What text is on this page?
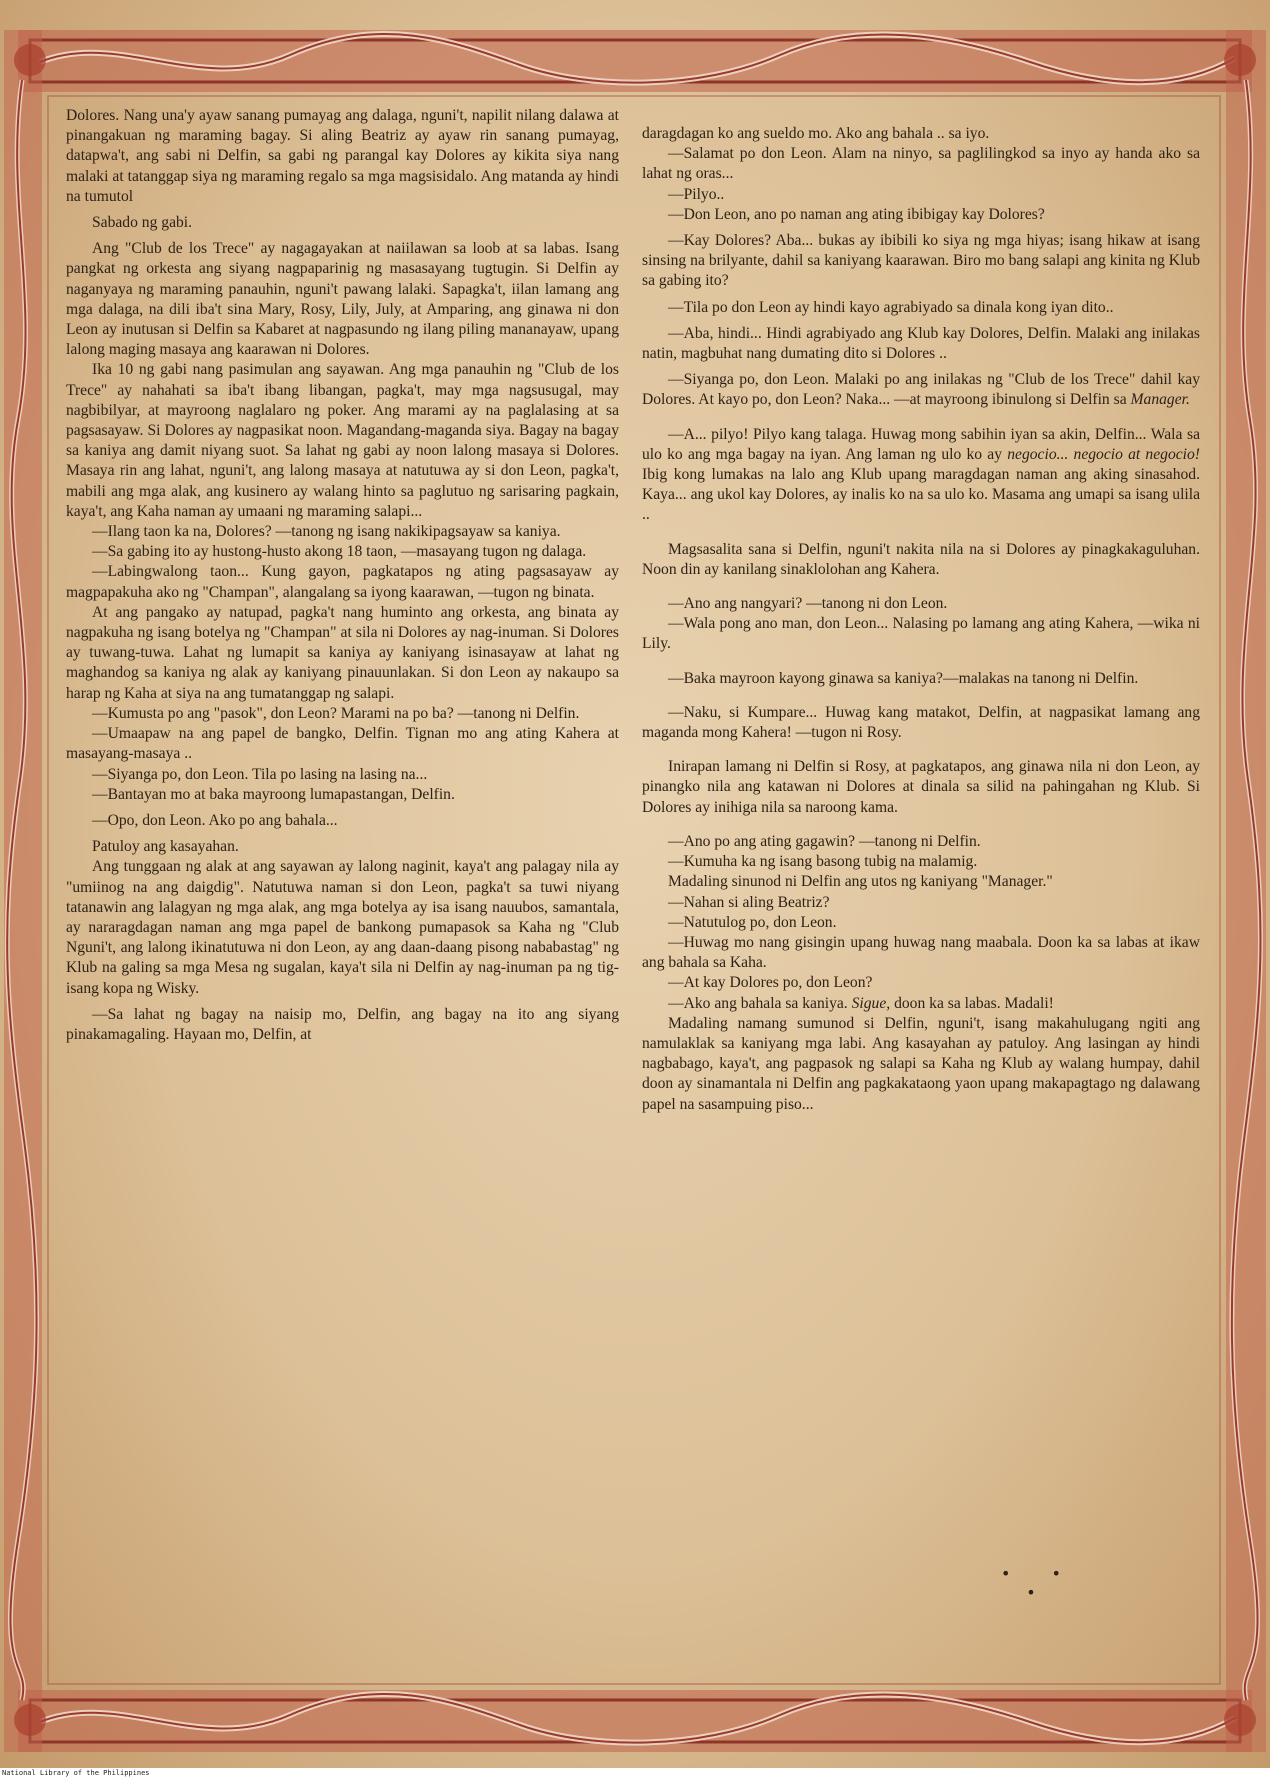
Dolores. Nang una'y ayaw sanang pumayag ang dalaga, nguni't, napilit nilang dalawa at pinangakuan ng maraming bagay. Si aling Beatriz ay ayaw rin sanang pumayag, datapwa't, ang sabi ni Delfin, sa gabi ng parangal kay Dolores ay kikita siya nang malaki at tatanggap siya ng maraming regalo sa mga magsisidalo. Ang matanda ay hindi na tumutol

Sabado ng gabi.

Ang "Club de los Trece" ay nagagayakan at naiilawan sa loob at sa labas. Isang pangkat ng orkesta ang siyang nagpaparinig ng masasayang tugtugin. Si Delfin ay naganyaya ng maraming panauhin, nguni't pawang lalaki. Sapagka't, iilan lamang ang mga dalaga, na dili iba't sina Mary, Rosy, Lily, July, at Amparing, ang ginawa ni don Leon ay inutusan si Delfin sa Kabaret at nagpasundo ng ilang piling mananayaw, upang lalong maging masaya ang kaarawan ni Dolores.

Ika 10 ng gabi nang pasimulan ang sayawan. Ang mga panauhin ng "Club de los Trece" ay nahahati sa iba't ibang libangan, pagka't, may mga nagsusugal, may nagbibilyar, at mayroong naglalaro ng poker. Ang marami ay na paglalasing at sa pagsasayaw. Si Dolores ay nagpasikat noon. Magandang-maganda siya. Bagay na bagay sa kaniya ang damit niyang suot. Sa lahat ng gabi ay noon lalong masaya si Dolores. Masaya rin ang lahat, nguni't, ang lalong masaya at natutuwa ay si don Leon, pagka't, mabili ang mga alak, ang kusinero ay walang hinto sa paglutuo ng sarisaring pagkain, kaya't, ang Kaha naman ay umaani ng maraming salapi...

—Ilang taon ka na, Dolores? —tanong ng isang nakikipagsayaw sa kaniya.

—Sa gabing ito ay hustong-husto akong 18 taon, —masayang tugon ng dalaga.

—Labingwalong taon... Kung gayon, pagkatapos ng ating pagsasayaw ay magpapakuha ako ng "Champan", alangalang sa iyong kaarawan, —tugon ng binata.

At ang pangako ay natupad, pagka't nang huminto ang orkesta, ang binata ay nagpakuha ng isang botelya ng "Champan" at sila ni Dolores ay nag-inuman. Si Dolores ay tuwang-tuwa. Lahat ng lumapit sa kaniya ay kaniyang isinasayaw at lahat ng maghandog sa kaniya ng alak ay kaniyang pinauunlakan. Si don Leon ay nakaupo sa harap ng Kaha at siya na ang tumatanggap ng salapi.

—Kumusta po ang "pasok", don Leon? Marami na po ba? —tanong ni Delfin.

—Umaapaw na ang papel de bangko, Delfin. Tignan mo ang ating Kahera at masayang-masaya ..

—Siyanga po, don Leon. Tila po lasing na lasing na...

—Bantayan mo at baka mayroong lumapastangan, Delfin.

—Opo, don Leon. Ako po ang bahala...

Patuloy ang kasayahan.

Ang tunggaan ng alak at ang sayawan ay lalong naginit, kaya't ang palagay nila ay "umiinog na ang daigdig". Natutuwa naman si don Leon, pagka't sa tuwi niyang tatanawin ang lalagyan ng mga alak, ang mga botelya ay isa isang nauubos, samantala, ay nararagdagan naman ang mga papel de bankong pumapasok sa Kaha ng "Club Nguni't, ang lalong ikinatutuwa ni don Leon, ay ang daan-daang pisong nababastag" ng Klub na galing sa mga Mesa ng sugalan, kaya't sila ni Delfin ay nag-inuman pa ng tig-isang kopa ng Wisky.

—Sa lahat ng bagay na naisip mo, Delfin, ang bagay na ito ang siyang pinakamagaling. Hayaan mo, Delfin, at

daragdagan ko ang sueldo mo. Ako ang bahala .. sa iyo.

—Salamat po don Leon. Alam na ninyo, sa paglilingkod sa inyo ay handa ako sa lahat ng oras...

—Pilyo..

—Don Leon, ano po naman ang ating ibibigay kay Dolores?

—Kay Dolores? Aba... bukas ay ibibili ko siya ng mga hiyas; isang hikaw at isang sinsing na brilyante, dahil sa kaniyang kaarawan. Biro mo bang salapi ang kinita ng Klub sa gabing ito?

—Tila po don Leon ay hindi kayo agrabiyado sa dinala kong iyan dito..

—Aba, hindi... Hindi agrabiyado ang Klub kay Dolores, Delfin. Malaki ang inilakas natin, magbuhat nang dumating dito si Dolores ..

—Siyanga po, don Leon. Malaki po ang inilakas ng "Club de los Trece" dahil kay Dolores. At kayo po, don Leon? Naka... —at mayroong ibinulong si Delfin sa Manager.

—A... pilyo! Pilyo kang talaga. Huwag mong sabihin iyan sa akin, Delfin... Wala sa ulo ko ang mga bagay na iyan. Ang laman ng ulo ko ay negocio... negocio at negocio! Ibig kong lumakas na lalo ang Klub upang maragdagan naman ang aking sinasahod. Kaya... ang ukol kay Dolores, ay inalis ko na sa ulo ko. Masama ang umapi sa isang ulila ..

Magsasalita sana si Delfin, nguni't nakita nila na si Dolores ay pinagkakaguluhan. Noon din ay kanilang sinaklolohan ang Kahera.

—Ano ang nangyari? —tanong ni don Leon.

—Wala pong ano man, don Leon... Nalasing po lamang ang ating Kahera, —wika ni Lily.

—Baka mayroon kayong ginawa sa kaniya?—malakas na tanong ni Delfin.

—Naku, si Kumpare... Huwag kang matakot, Delfin, at nagpasikat lamang ang maganda mong Kahera! —tugon ni Rosy.

Inirapan lamang ni Delfin si Rosy, at pagkatapos, ang ginawa nila ni don Leon, ay pinangko nila ang katawan ni Dolores at dinala sa silid na pahingahan ng Klub. Si Dolores ay inihiga nila sa naroong kama.

—Ano po ang ating gagawin? —tanong ni Delfin.

—Kumuha ka ng isang basong tubig na malamig.

Madaling sinunod ni Delfin ang utos ng kaniyang "Manager."

—Nahan si aling Beatriz?

—Natutulog po, don Leon.

—Huwag mo nang gisingin upang huwag nang maabala. Doon ka sa labas at ikaw ang bahala sa Kaha.

—At kay Dolores po, don Leon?

—Ako ang bahala sa kaniya. Sigue, doon ka sa labas. Madali!

Madaling namang sumunod si Delfin, nguni't, isang makahulugang ngiti ang namulaklak sa kaniyang mga labi. Ang kasayahan ay patuloy. Ang lasingan ay hindi nagbabago, kaya't, ang pagpasok ng salapi sa Kaha ng Klub ay walang humpay, dahil doon ay sinamantala ni Delfin ang pagkakataong yaon upang makapagtago ng dalawang papel na sasampuing piso...

• • •
National Library of the Philippines
